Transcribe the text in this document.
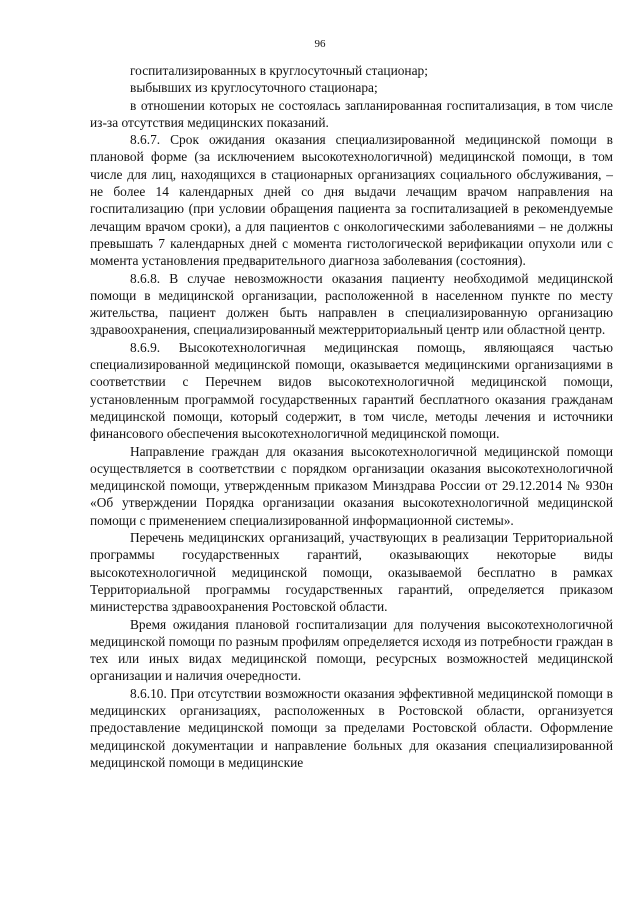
96

госпитализированных в круглосуточный стационар;

выбывших из круглосуточного стационара;

в отношении которых не состоялась запланированная госпитализация, в том числе из-за отсутствия медицинских показаний.

8.6.7. Срок ожидания оказания специализированной медицинской помощи в плановой форме (за исключением высокотехнологичной) медицинской помощи, в том числе для лиц, находящихся в стационарных организациях социального обслуживания, – не более 14 календарных дней со дня выдачи лечащим врачом направления на госпитализацию (при условии обращения пациента за госпитализацией в рекомендуемые лечащим врачом сроки), а для пациентов с онкологическими заболеваниями – не должны превышать 7 календарных дней с момента гистологической верификации опухоли или с момента установления предварительного диагноза заболевания (состояния).

8.6.8. В случае невозможности оказания пациенту необходимой медицинской помощи в медицинской организации, расположенной в населенном пункте по месту жительства, пациент должен быть направлен в специализированную организацию здравоохранения, специализированный межтерриториальный центр или областной центр.

8.6.9. Высокотехнологичная медицинская помощь, являющаяся частью специализированной медицинской помощи, оказывается медицинскими организациями в соответствии с Перечнем видов высокотехнологичной медицинской помощи, установленным программой государственных гарантий бесплатного оказания гражданам медицинской помощи, который содержит, в том числе, методы лечения и источники финансового обеспечения высокотехнологичной медицинской помощи.

Направление граждан для оказания высокотехнологичной медицинской помощи осуществляется в соответствии с порядком организации оказания высокотехнологичной медицинской помощи, утвержденным приказом Минздрава России от 29.12.2014 № 930н «Об утверждении Порядка организации оказания высокотехнологичной медицинской помощи с применением специализированной информационной системы».

Перечень медицинских организаций, участвующих в реализации Территориальной программы государственных гарантий, оказывающих некоторые виды высокотехнологичной медицинской помощи, оказываемой бесплатно в рамках Территориальной программы государственных гарантий, определяется приказом министерства здравоохранения Ростовской области.

Время ожидания плановой госпитализации для получения высокотехнологичной медицинской помощи по разным профилям определяется исходя из потребности граждан в тех или иных видах медицинской помощи, ресурсных возможностей медицинской организации и наличия очередности.

8.6.10. При отсутствии возможности оказания эффективной медицинской помощи в медицинских организациях, расположенных в Ростовской области, организуется предоставление медицинской помощи за пределами Ростовской области. Оформление медицинской документации и направление больных для оказания специализированной медицинской помощи в медицинские
